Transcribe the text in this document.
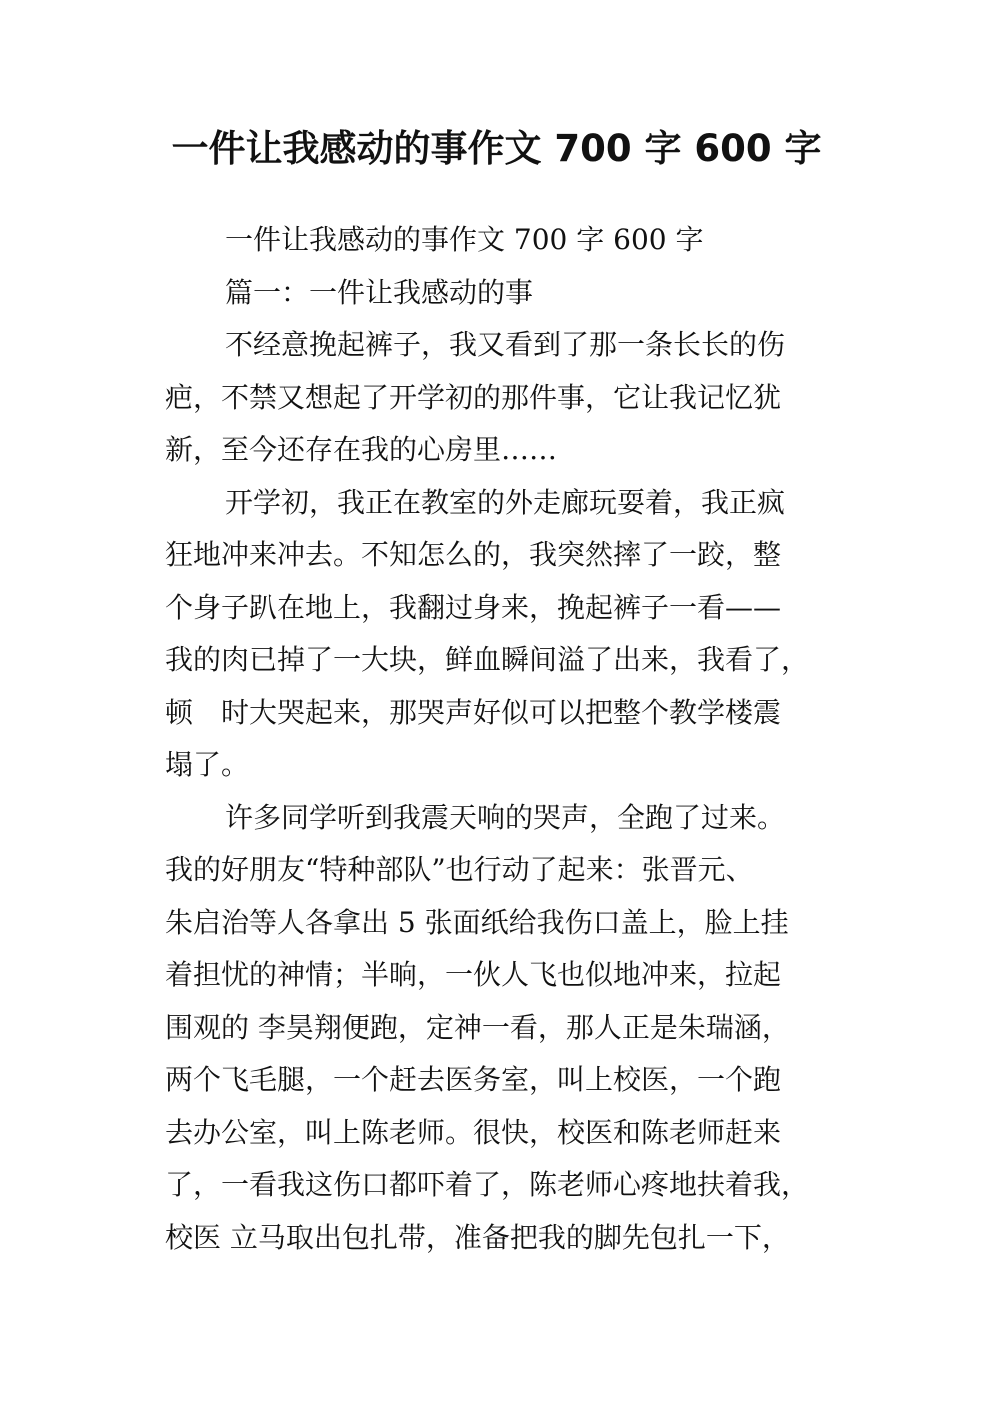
一件让我感动的事作文 700 字 600 字
一件让我感动的事作文 700 字 600 字
篇一：一件让我感动的事
不经意挽起裤子，我又看到了那一条长长的伤
疤，不禁又想起了开学初的那件事，它让我记忆犹
新，至今还存在我的心房里……
开学初，我正在教室的外走廊玩耍着，我正疯
狂地冲来冲去。不知怎么的，我突然摔了一跤，整
个身子趴在地上，我翻过身来，挽起裤子一看——
我的肉已掉了一大块，鲜血瞬间溢了出来，我看了，
顿　时大哭起来，那哭声好似可以把整个教学楼震
塌了。
许多同学听到我震天响的哭声，全跑了过来。
我的好朋友“特种部队”也行动了起来：张晋元、
朱启治等人各拿出 5 张面纸给我伤口盖上，脸上挂
着担忧的神情；半晌，一伙人飞也似地冲来，拉起
围观的 李昊翔便跑，定神一看，那人正是朱瑞涵，
两个飞毛腿，一个赶去医务室，叫上校医，一个跑
去办公室，叫上陈老师。很快，校医和陈老师赶来
了，一看我这伤口都吓着了，陈老师心疼地扶着我，
校医 立马取出包扎带，准备把我的脚先包扎一下，
